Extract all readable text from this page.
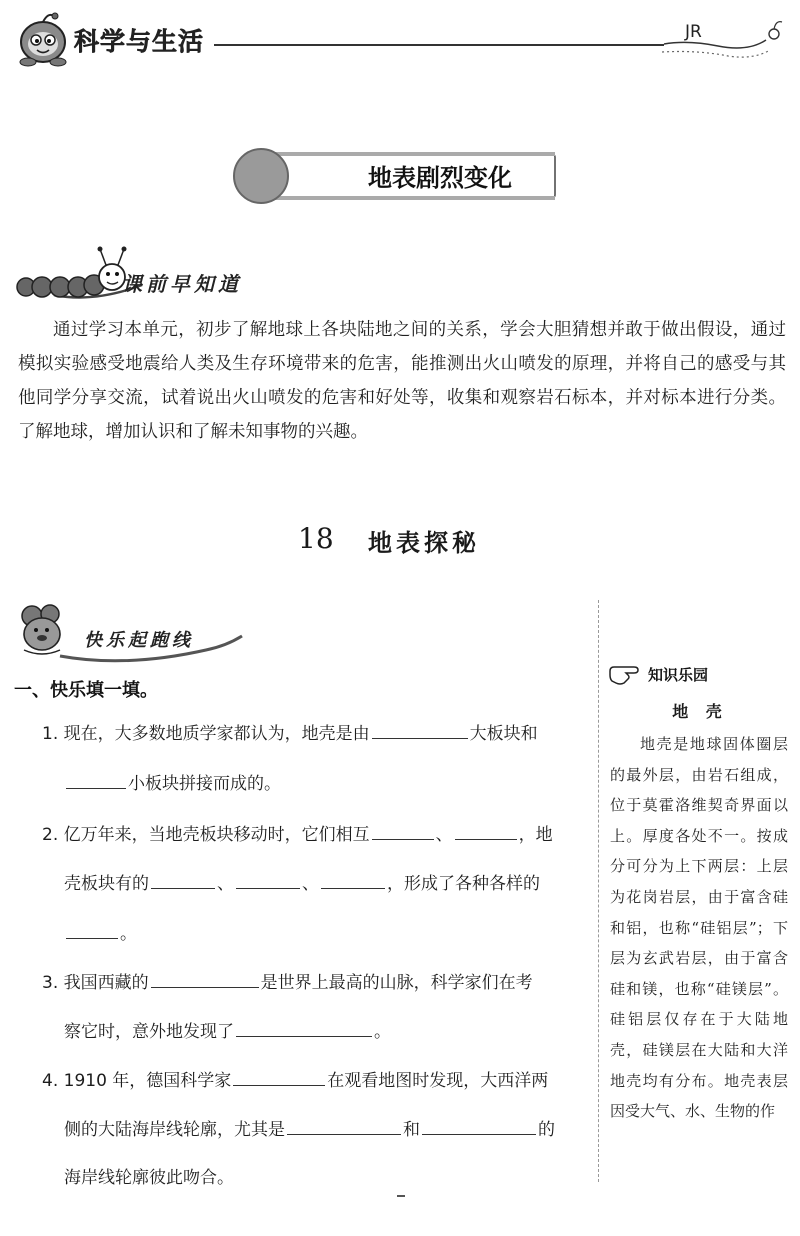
科学与生活	JR
地表剧烈变化
课前早知道

通过学习本单元，初步了解地球上各块陆地之间的关系，学会大胆猜想并敢于做出假设，通过模拟实验感受地震给人类及生存环境带来的危害，能推测出火山喷发的原理，并将自己的感受与其他同学分享交流，试着说出火山喷发的危害和好处等，收集和观察岩石标本，并对标本进行分类。了解地球，增加认识和了解未知事物的兴趣。

18 地表探秘
快乐起跑线
一、快乐填一填。
1. 现在，大多数地质学家都认为，地壳是由	大板块和
小板块拼接而成的。
2. 亿万年来，当地壳板块移动时，它们相互	、	，地
壳板块有的	、	、	，形成了各种各样的
。
3. 我国西藏的	是世界上最高的山脉，科学家们在考
察它时，意外地发现了	。
4. 1910 年，德国科学家	在观看地图时发现，大西洋两
侧的大陆海岸线轮廓，尤其是	和	的
海岸线轮廓彼此吻合。
知识乐园
地 壳

地壳是地球固体圈层的最外层，由岩石组成，位于莫霍洛维契奇界面以上。厚度各处不一。按成分可分为上下两层：上层为花岗岩层，由于富含硅和铝，也称“硅铝层”；下层为玄武岩层，由于富含硅和镁，也称“硅镁层”。硅铝层仅存在于大陆地壳，硅镁层在大陆和大洋地壳均有分布。地壳表层因受大气、水、生物的作
